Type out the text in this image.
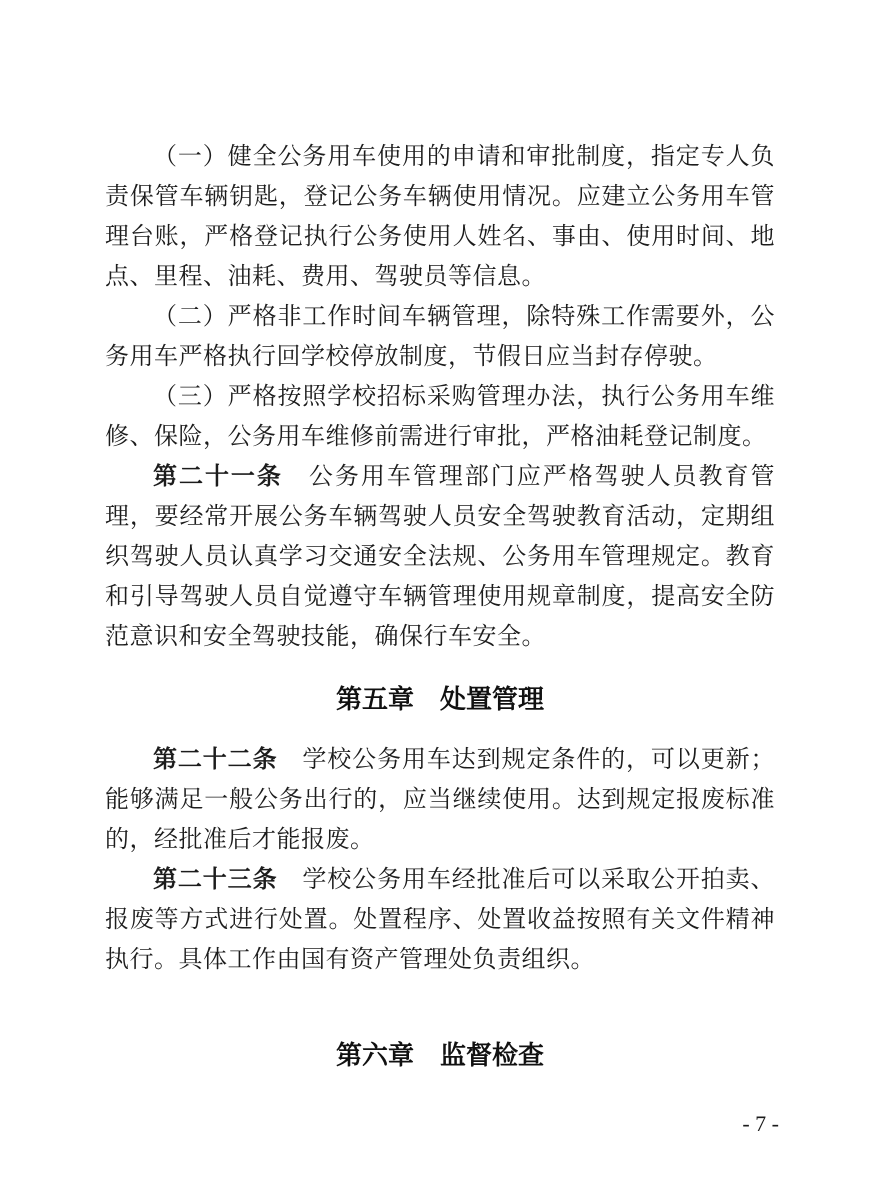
（一）健全公务用车使用的申请和审批制度，指定专人负责保管车辆钥匙，登记公务车辆使用情况。应建立公务用车管理台账，严格登记执行公务使用人姓名、事由、使用时间、地点、里程、油耗、费用、驾驶员等信息。

（二）严格非工作时间车辆管理，除特殊工作需要外，公务用车严格执行回学校停放制度，节假日应当封存停驶。

（三）严格按照学校招标采购管理办法，执行公务用车维修、保险，公务用车维修前需进行审批，严格油耗登记制度。

第二十一条　公务用车管理部门应严格驾驶人员教育管理，要经常开展公务车辆驾驶人员安全驾驶教育活动，定期组织驾驶人员认真学习交通安全法规、公务用车管理规定。教育和引导驾驶人员自觉遵守车辆管理使用规章制度，提高安全防范意识和安全驾驶技能，确保行车安全。

第五章　处置管理

第二十二条　学校公务用车达到规定条件的，可以更新；能够满足一般公务出行的，应当继续使用。达到规定报废标准的，经批准后才能报废。

第二十三条　学校公务用车经批准后可以采取公开拍卖、报废等方式进行处置。处置程序、处置收益按照有关文件精神执行。具体工作由国有资产管理处负责组织。

第六章　监督检查
- 7 -
